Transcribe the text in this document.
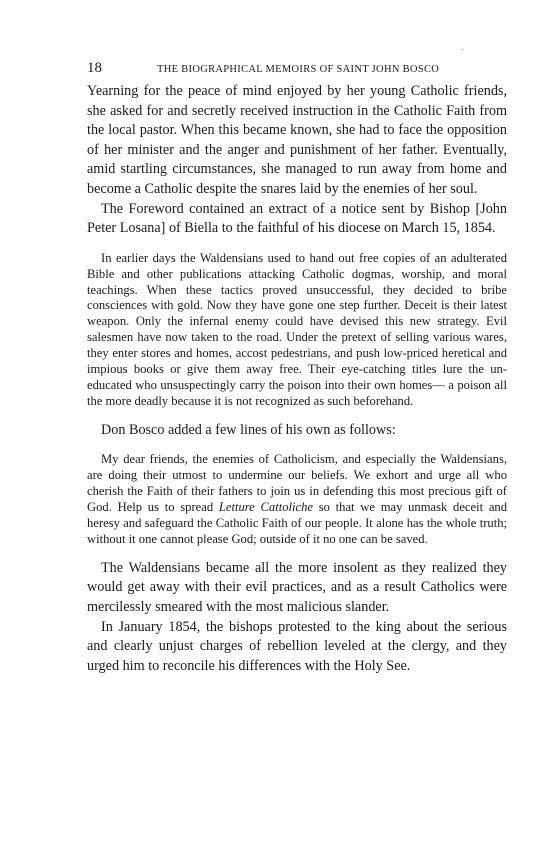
-
18	THE BIOGRAPHICAL MEMOIRS OF SAINT JOHN BOSCO

Yearning for the peace of mind enjoyed by her young Catholic friends, she asked for and secretly received instruction in the Catholic Faith from the local pastor. When this became known, she had to face the opposition of her minister and the anger and punishment of her father. Eventually, amid startling circumstances, she managed to run away from home and become a Catholic despite the snares laid by the enemies of her soul.

The Foreword contained an extract of a notice sent by Bishop [John Peter Losana] of Biella to the faithful of his diocese on March 15, 1854.

In earlier days the Waldensians used to hand out free copies of an adulterated Bible and other publications attacking Catholic dogmas, worship, and moral teachings. When these tactics proved unsuccessful, they decided to bribe consciences with gold. Now they have gone one step further. Deceit is their latest weapon. Only the infernal enemy could have devised this new strategy. Evil salesmen have now taken to the road. Under the pretext of selling various wares, they enter stores and homes, accost pedestrians, and push low-priced heretical and impious books or give them away free. Their eye-catching titles lure the uneducated who unsuspectingly carry the poison into their own homes— a poison all the more deadly because it is not recognized as such beforehand.

Don Bosco added a few lines of his own as follows:

My dear friends, the enemies of Catholicism, and especially the Waldensians, are doing their utmost to undermine our beliefs. We exhort and urge all who cherish the Faith of their fathers to join us in defending this most precious gift of God. Help us to spread Letture Cattoliche so that we may unmask deceit and heresy and safeguard the Catholic Faith of our people. It alone has the whole truth; without it one cannot please God; outside of it no one can be saved.

The Waldensians became all the more insolent as they realized they would get away with their evil practices, and as a result Catholics were mercilessly smeared with the most malicious slander.

In January 1854, the bishops protested to the king about the serious and clearly unjust charges of rebellion leveled at the clergy, and they urged him to reconcile his differences with the Holy See.
